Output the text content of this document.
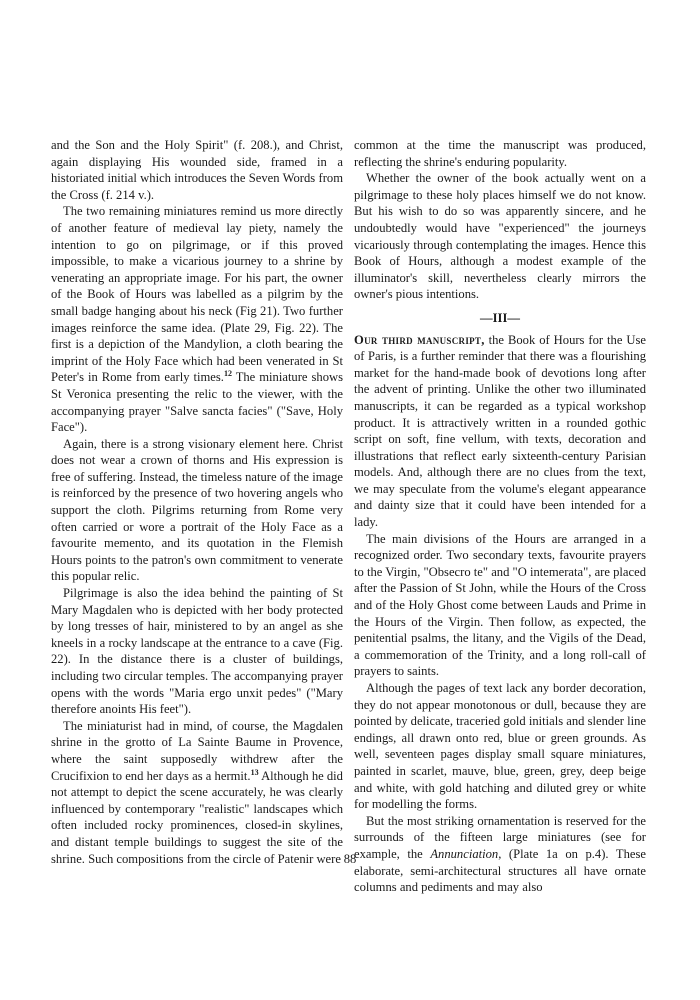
and the Son and the Holy Spirit" (f. 208.), and Christ, again displaying His wounded side, framed in a historiated initial which introduces the Seven Words from the Cross (f. 214 v.).

The two remaining miniatures remind us more directly of another feature of medieval lay piety, namely the intention to go on pilgrimage, or if this proved impossible, to make a vicarious journey to a shrine by venerating an appropriate image. For his part, the owner of the Book of Hours was labelled as a pilgrim by the small badge hanging about his neck (Fig 21). Two further images reinforce the same idea. (Plate 29, Fig. 22). The first is a depiction of the Mandylion, a cloth bearing the imprint of the Holy Face which had been venerated in St Peter's in Rome from early times.$^{12}$ The miniature shows St Veronica presenting the relic to the viewer, with the accompanying prayer "Salve sancta facies" ("Save, Holy Face").

Again, there is a strong visionary element here. Christ does not wear a crown of thorns and His expression is free of suffering. Instead, the timeless nature of the image is reinforced by the presence of two hovering angels who support the cloth. Pilgrims returning from Rome very often carried or wore a portrait of the Holy Face as a favourite memento, and its quotation in the Flemish Hours points to the patron's own commitment to venerate this popular relic.

Pilgrimage is also the idea behind the painting of St Mary Magdalen who is depicted with her body protected by long tresses of hair, ministered to by an angel as she kneels in a rocky landscape at the entrance to a cave (Fig. 22). In the distance there is a cluster of buildings, including two circular temples. The accompanying prayer opens with the words "Maria ergo unxit pedes" ("Mary therefore anoints His feet").

The miniaturist had in mind, of course, the Magdalen shrine in the grotto of La Sainte Baume in Provence, where the saint supposedly withdrew after the Crucifixion to end her days as a hermit.$^{13}$ Although he did not attempt to depict the scene accurately, he was clearly influenced by contemporary "realistic" landscapes which often included rocky prominences, closed-in skylines, and distant temple buildings to suggest the site of the shrine. Such compositions from the circle of Patenir were

common at the time the manuscript was produced, reflecting the shrine's enduring popularity.

Whether the owner of the book actually went on a pilgrimage to these holy places himself we do not know. But his wish to do so was apparently sincere, and he undoubtedly would have "experienced" the journeys vicariously through contemplating the images. Hence this Book of Hours, although a modest example of the illuminator's skill, nevertheless clearly mirrors the owner's pious intentions.

—III—

Our third manuscript, the Book of Hours for the Use of Paris, is a further reminder that there was a flourishing market for the hand-made book of devotions long after the advent of printing. Unlike the other two illuminated manuscripts, it can be regarded as a typical workshop product. It is attractively written in a rounded gothic script on soft, fine vellum, with texts, decoration and illustrations that reflect early sixteenth-century Parisian models. And, although there are no clues from the text, we may speculate from the volume's elegant appearance and dainty size that it could have been intended for a lady.

The main divisions of the Hours are arranged in a recognized order. Two secondary texts, favourite prayers to the Virgin, "Obsecro te" and "O intemerata", are placed after the Passion of St John, while the Hours of the Cross and of the Holy Ghost come between Lauds and Prime in the Hours of the Virgin. Then follow, as expected, the penitential psalms, the litany, and the Vigils of the Dead, a commemoration of the Trinity, and a long roll-call of prayers to saints.

Although the pages of text lack any border decoration, they do not appear monotonous or dull, because they are pointed by delicate, traceried gold initials and slender line endings, all drawn onto red, blue or green grounds. As well, seventeen pages display small square miniatures, painted in scarlet, mauve, blue, green, grey, deep beige and white, with gold hatching and diluted grey or white for modelling the forms.

But the most striking ornamentation is reserved for the surrounds of the fifteen large miniatures (see for example, the Annunciation, (Plate 1a on p.4). These elaborate, semi-architectural structures all have ornate columns and pediments and may also

88
